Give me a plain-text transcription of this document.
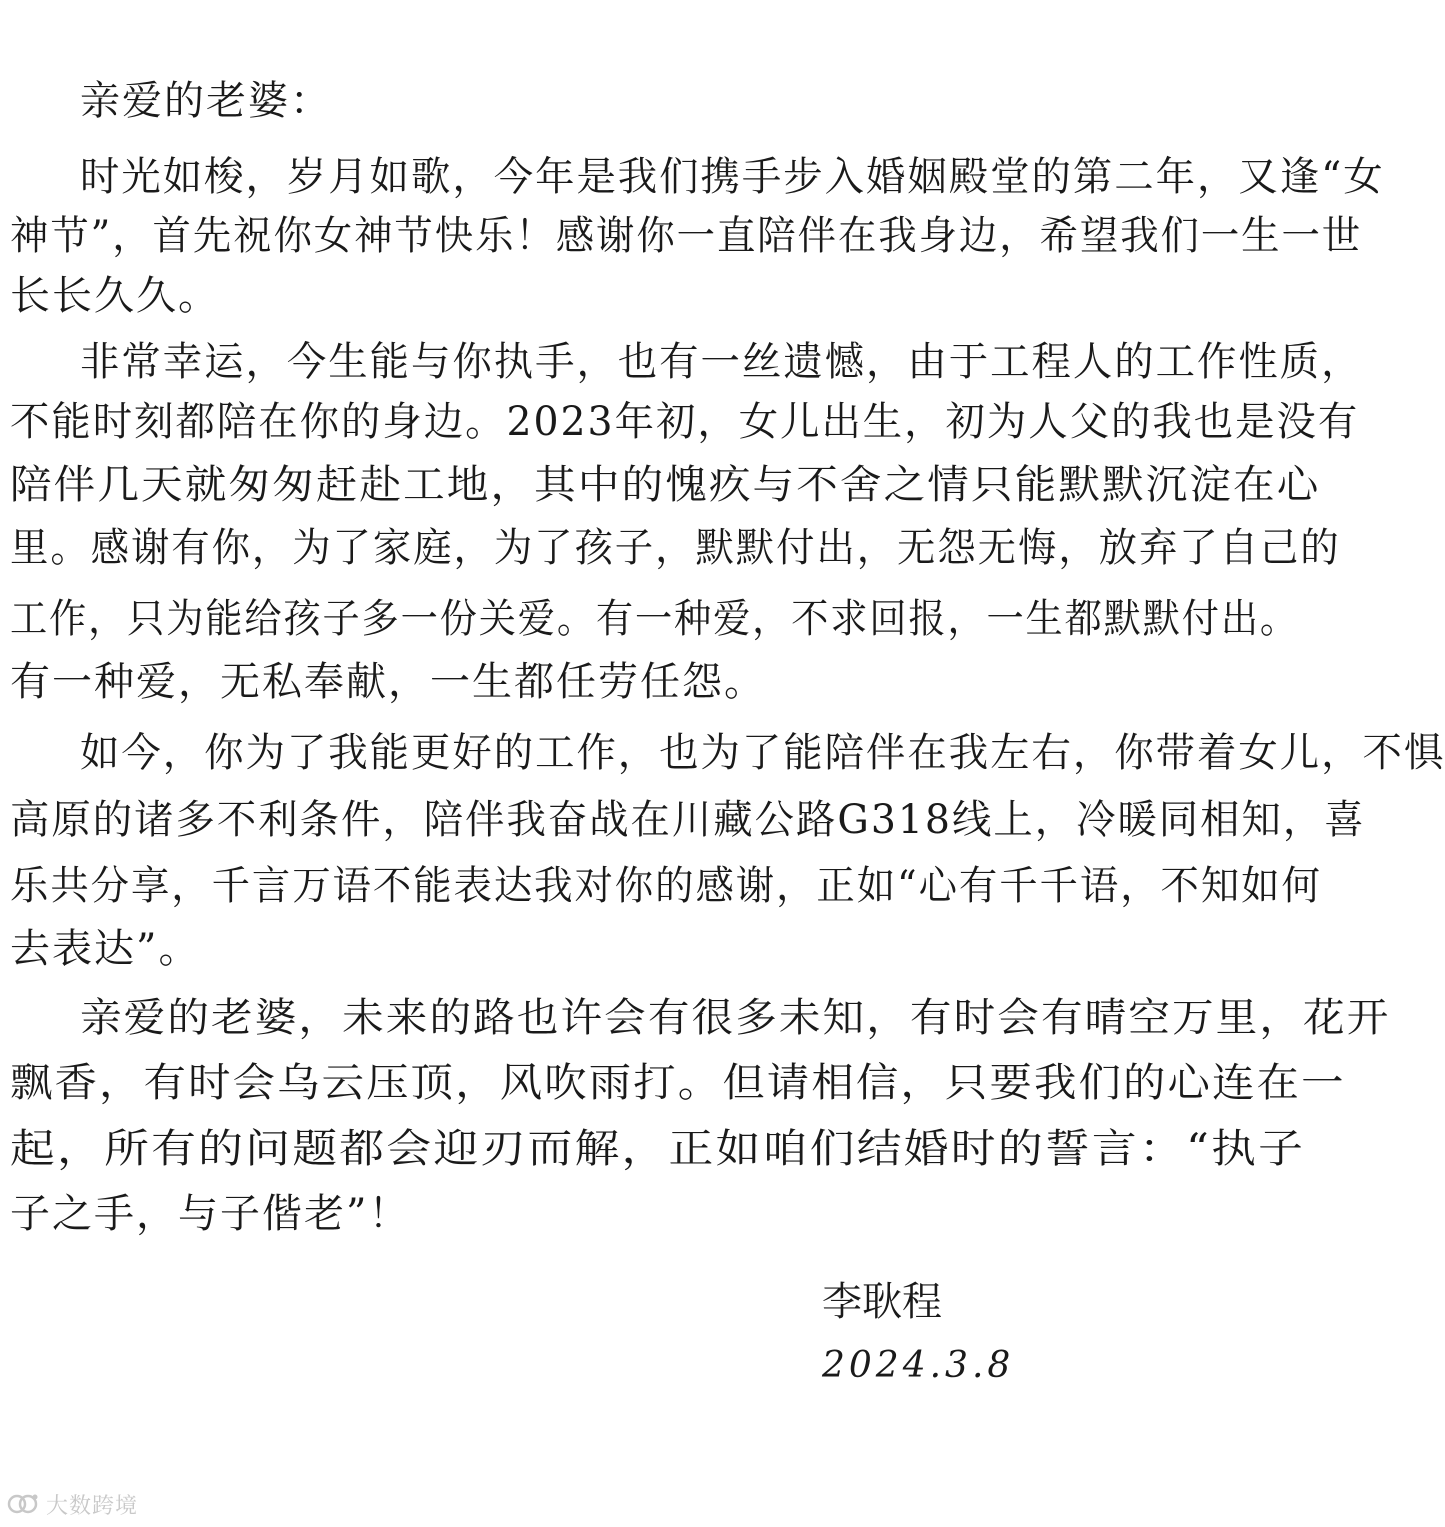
亲爱的老婆：
时光如梭，岁月如歌，今年是我们携手步入婚姻殿堂的第二年，又逢“女
神节”，首先祝你女神节快乐！感谢你一直陪伴在我身边，希望我们一生一世
长长久久。
非常幸运，今生能与你执手，也有一丝遗憾，由于工程人的工作性质，
不能时刻都陪在你的身边。2023年初，女儿出生，初为人父的我也是没有
陪伴几天就匆匆赶赴工地，其中的愧疚与不舍之情只能默默沉淀在心
里。感谢有你，为了家庭，为了孩子，默默付出，无怨无悔，放弃了自己的
工作，只为能给孩子多一份关爱。有一种爱，不求回报，一生都默默付出。
有一种爱，无私奉献，一生都任劳任怨。
如今，你为了我能更好的工作，也为了能陪伴在我左右，你带着女儿，不惧
高原的诸多不利条件，陪伴我奋战在川藏公路G318线上，冷暖同相知，喜
乐共分享，千言万语不能表达我对你的感谢，正如“心有千千语，不知如何
去表达”。
亲爱的老婆，未来的路也许会有很多未知，有时会有晴空万里，花开
飘香，有时会乌云压顶，风吹雨打。但请相信，只要我们的心连在一
起，所有的问题都会迎刃而解，正如咱们结婚时的誓言：“执子
子之手，与子偕老”！
李耿程
2024.3.8
大数跨境
